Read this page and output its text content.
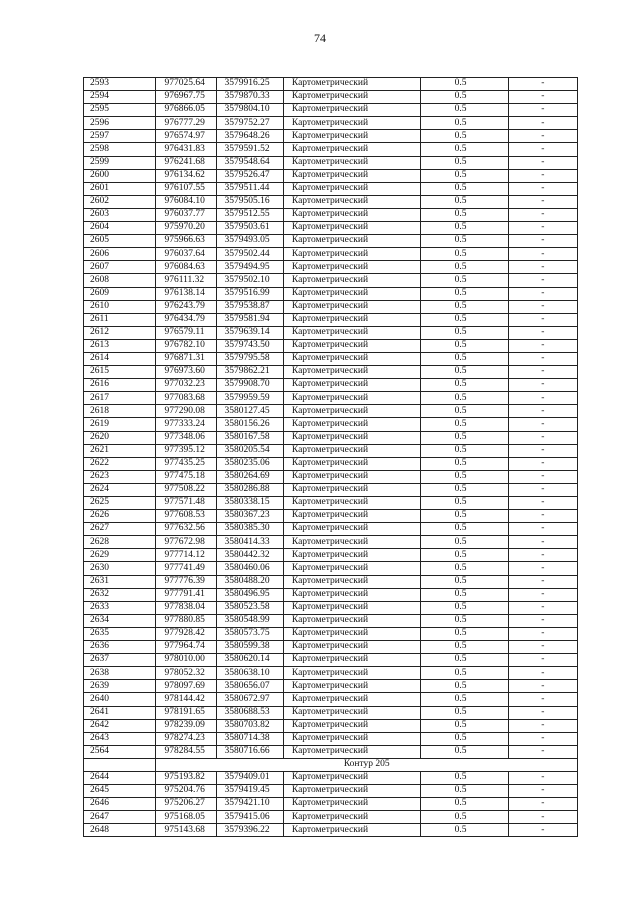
74
2593	977025.64	3579916.25	Картометрический	0.5	-
2594	976967.75	3579870.33	Картометрический	0.5	-
2595	976866.05	3579804.10	Картометрический	0.5	-
2596	976777.29	3579752.27	Картометрический	0.5	-
2597	976574.97	3579648.26	Картометрический	0.5	-
2598	976431.83	3579591.52	Картометрический	0.5	-
2599	976241.68	3579548.64	Картометрический	0.5	-
2600	976134.62	3579526.47	Картометрический	0.5	-
2601	976107.55	3579511.44	Картометрический	0.5	-
2602	976084.10	3579505.16	Картометрический	0.5	-
2603	976037.77	3579512.55	Картометрический	0.5	-
2604	975970.20	3579503.61	Картометрический	0.5	-
2605	975966.63	3579493.05	Картометрический	0.5	-
2606	976037.64	3579502.44	Картометрический	0.5	-
2607	976084.63	3579494.95	Картометрический	0.5	-
2608	976111.32	3579502.10	Картометрический	0.5	-
2609	976138.14	3579516.99	Картометрический	0.5	-
2610	976243.79	3579538.87	Картометрический	0.5	-
2611	976434.79	3579581.94	Картометрический	0.5	-
2612	976579.11	3579639.14	Картометрический	0.5	-
2613	976782.10	3579743.50	Картометрический	0.5	-
2614	976871.31	3579795.58	Картометрический	0.5	-
2615	976973.60	3579862.21	Картометрический	0.5	-
2616	977032.23	3579908.70	Картометрический	0.5	-
2617	977083.68	3579959.59	Картометрический	0.5	-
2618	977290.08	3580127.45	Картометрический	0.5	-
2619	977333.24	3580156.26	Картометрический	0.5	-
2620	977348.06	3580167.58	Картометрический	0.5	-
2621	977395.12	3580205.54	Картометрический	0.5	-
2622	977435.25	3580235.06	Картометрический	0.5	-
2623	977475.18	3580264.69	Картометрический	0.5	-
2624	977508.22	3580286.88	Картометрический	0.5	-
2625	977571.48	3580338.15	Картометрический	0.5	-
2626	977608.53	3580367.23	Картометрический	0.5	-
2627	977632.56	3580385.30	Картометрический	0.5	-
2628	977672.98	3580414.33	Картометрический	0.5	-
2629	977714.12	3580442.32	Картометрический	0.5	-
2630	977741.49	3580460.06	Картометрический	0.5	-
2631	977776.39	3580488.20	Картометрический	0.5	-
2632	977791.41	3580496.95	Картометрический	0.5	-
2633	977838.04	3580523.58	Картометрический	0.5	-
2634	977880.85	3580548.99	Картометрический	0.5	-
2635	977928.42	3580573.75	Картометрический	0.5	-
2636	977964.74	3580599.38	Картометрический	0.5	-
2637	978010.00	3580620.14	Картометрический	0.5	-
2638	978052.32	3580638.10	Картометрический	0.5	-
2639	978097.69	3580656.07	Картометрический	0.5	-
2640	978144.42	3580672.97	Картометрический	0.5	-
2641	978191.65	3580688.53	Картометрический	0.5	-
2642	978239.09	3580703.82	Картометрический	0.5	-
2643	978274.23	3580714.38	Картометрический	0.5	-
2564	978284.55	3580716.66	Картометрический	0.5	-
	Контур 205				
2644	975193.82	3579409.01	Картометрический	0.5	-
2645	975204.76	3579419.45	Картометрический	0.5	-
2646	975206.27	3579421.10	Картометрический	0.5	-
2647	975168.05	3579415.06	Картометрический	0.5	-
2648	975143.68	3579396.22	Картометрический	0.5	-
